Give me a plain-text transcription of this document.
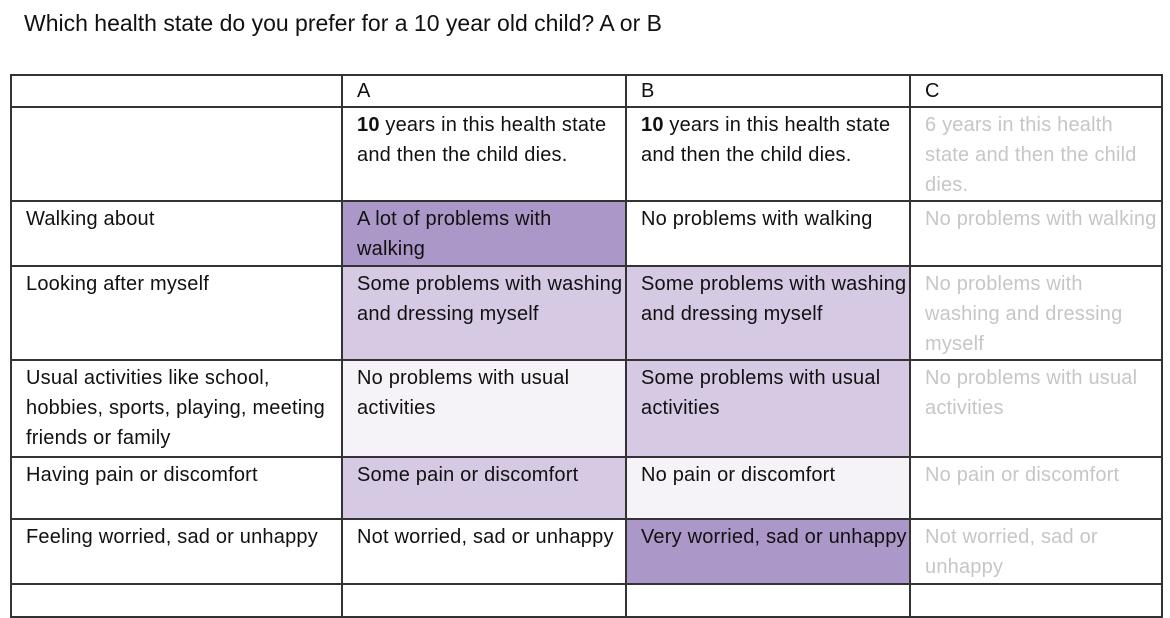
Which health state do you prefer for a 10 year old child? A or B
	A	B	C
	10 years in this health state and then the child dies.	10 years in this health state and then the child dies.	6 years in this health state and then the child dies.
Walking about	A lot of problems with walking	No problems with walking	No problems with walking
Looking after myself	Some problems with washing and dressing myself	Some problems with washing and dressing myself	No problems with washing and dressing myself
Usual activities like school, hobbies, sports, playing, meeting friends or family	No problems with usual activities	Some problems with usual activities	No problems with usual activities
Having pain or discomfort	Some pain or discomfort	No pain or discomfort	No pain or discomfort
Feeling worried, sad or unhappy	Not worried, sad or unhappy	Very worried, sad or unhappy	Not worried, sad or unhappy
